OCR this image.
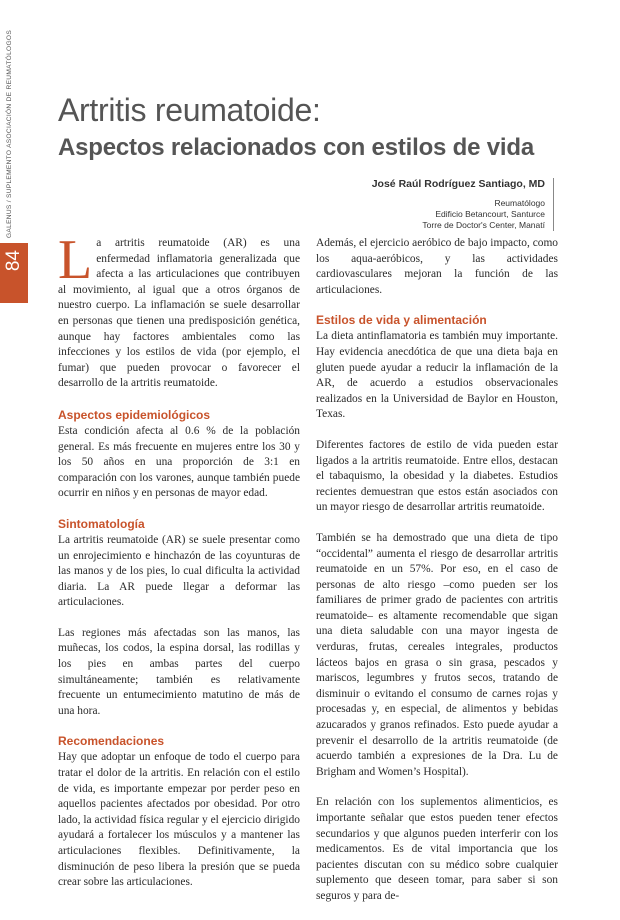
GALENUS / SUPLEMENTO ASOCIACIÓN DE REUMATÓLOGOS
84
Artritis reumatoide:
Aspectos relacionados con estilos de vida
José Raúl Rodríguez Santiago, MD
Reumatólogo
Edificio Betancourt, Santurce
Torre de Doctor's Center, Manatí

La artritis reumatoide (AR) es una enfermedad inflamatoria generalizada que afecta a las articulaciones que contribuyen al movimiento, al igual que a otros órganos de nuestro cuerpo. La inflamación se suele desarrollar en personas que tienen una predisposición genética, aunque hay factores ambientales como las infecciones y los estilos de vida (por ejemplo, el fumar) que pueden provocar o favorecer el desarrollo de la artritis reumatoide.

Aspectos epidemiológicos

Esta condición afecta al 0.6 % de la población general. Es más frecuente en mujeres entre los 30 y los 50 años en una proporción de 3:1 en comparación con los varones, aunque también puede ocurrir en niños y en personas de mayor edad.

Sintomatología

La artritis reumatoide (AR) se suele presentar como un enrojecimiento e hinchazón de las coyunturas de las manos y de los pies, lo cual dificulta la actividad diaria. La AR puede llegar a deformar las articulaciones.

Las regiones más afectadas son las manos, las muñecas, los codos, la espina dorsal, las rodillas y los pies en ambas partes del cuerpo simultáneamente; también es relativamente frecuente un entumecimiento matutino de más de una hora.

Recomendaciones

Hay que adoptar un enfoque de todo el cuerpo para tratar el dolor de la artritis. En relación con el estilo de vida, es importante empezar por perder peso en aquellos pacientes afectados por obesidad. Por otro lado, la actividad física regular y el ejercicio dirigido ayudará a fortalecer los músculos y a mantener las articulaciones flexibles. Definitivamente, la disminución de peso libera la presión que se pueda crear sobre las articulaciones.

Además, el ejercicio aeróbico de bajo impacto, como los aqua-aeróbicos, y las actividades cardiovasculares mejoran la función de las articulaciones.

Estilos de vida y alimentación

La dieta antinflamatoria es también muy importante. Hay evidencia anecdótica de que una dieta baja en gluten puede ayudar a reducir la inflamación de la AR, de acuerdo a estudios observacionales realizados en la Universidad de Baylor en Houston, Texas.

Diferentes factores de estilo de vida pueden estar ligados a la artritis reumatoide. Entre ellos, destacan el tabaquismo, la obesidad y la diabetes. Estudios recientes demuestran que estos están asociados con un mayor riesgo de desarrollar artritis reumatoide.

También se ha demostrado que una dieta de tipo “occidental” aumenta el riesgo de desarrollar artritis reumatoide en un 57%. Por eso, en el caso de personas de alto riesgo –como pueden ser los familiares de primer grado de pacientes con artritis reumatoide– es altamente recomendable que sigan una dieta saludable con una mayor ingesta de verduras, frutas, cereales integrales, productos lácteos bajos en grasa o sin grasa, pescados y mariscos, legumbres y frutos secos, tratando de disminuir o evitando el consumo de carnes rojas y procesadas y, en especial, de alimentos y bebidas azucarados y granos refinados. Esto puede ayudar a prevenir el desarrollo de la artritis reumatoide (de acuerdo también a expresiones de la Dra. Lu de Brigham and Women’s Hospital).

En relación con los suplementos alimenticios, es importante señalar que estos pueden tener efectos secundarios y que algunos pueden interferir con los medicamentos. Es de vital importancia que los pacientes discutan con su médico sobre cualquier suplemento que deseen tomar, para saber si son seguros y para de-
